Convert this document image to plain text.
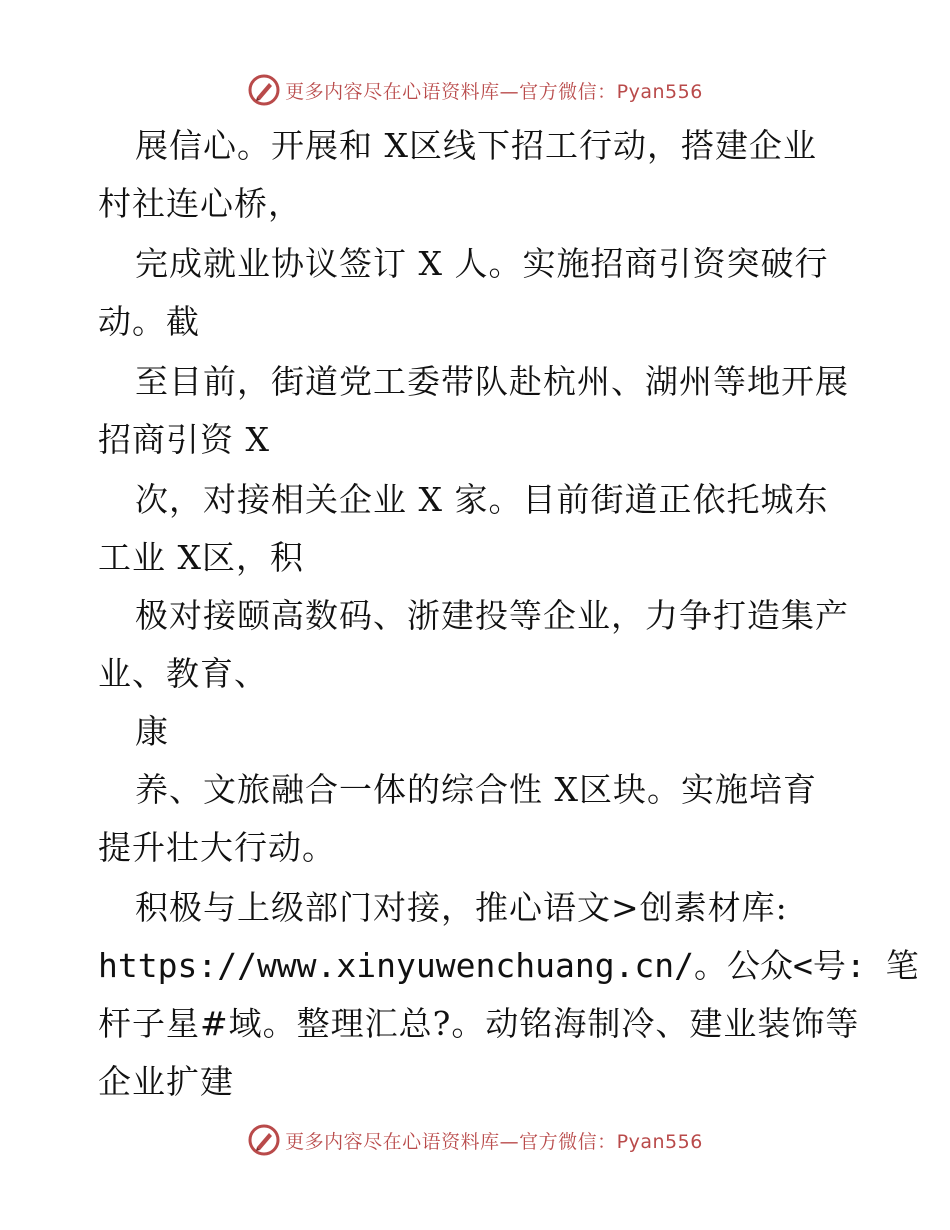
更多内容尽在心语资料库—官方微信：Pyan556
展信心。开展和 X区线下招工行动，搭建企业
村社连心桥，
完成就业协议签订 X 人。实施招商引资突破行
动。截
至目前，街道党工委带队赴杭州、湖州等地开展
招商引资 X
次，对接相关企业 X 家。目前街道正依托城东
工业 X区，积
极对接颐高数码、浙建投等企业，力争打造集产
业、教育、
康
养、文旅融合一体的综合性 X区块。实施培育
提升壮大行动。
积极与上级部门对接，推心语文>创素材库:
https://www.xinyuwenchuang.cn/。公众<号: 笔
杆子星#域。整理汇总?。动铭海制冷、建业装饰等
企业扩建
更多内容尽在心语资料库—官方微信：Pyan556
